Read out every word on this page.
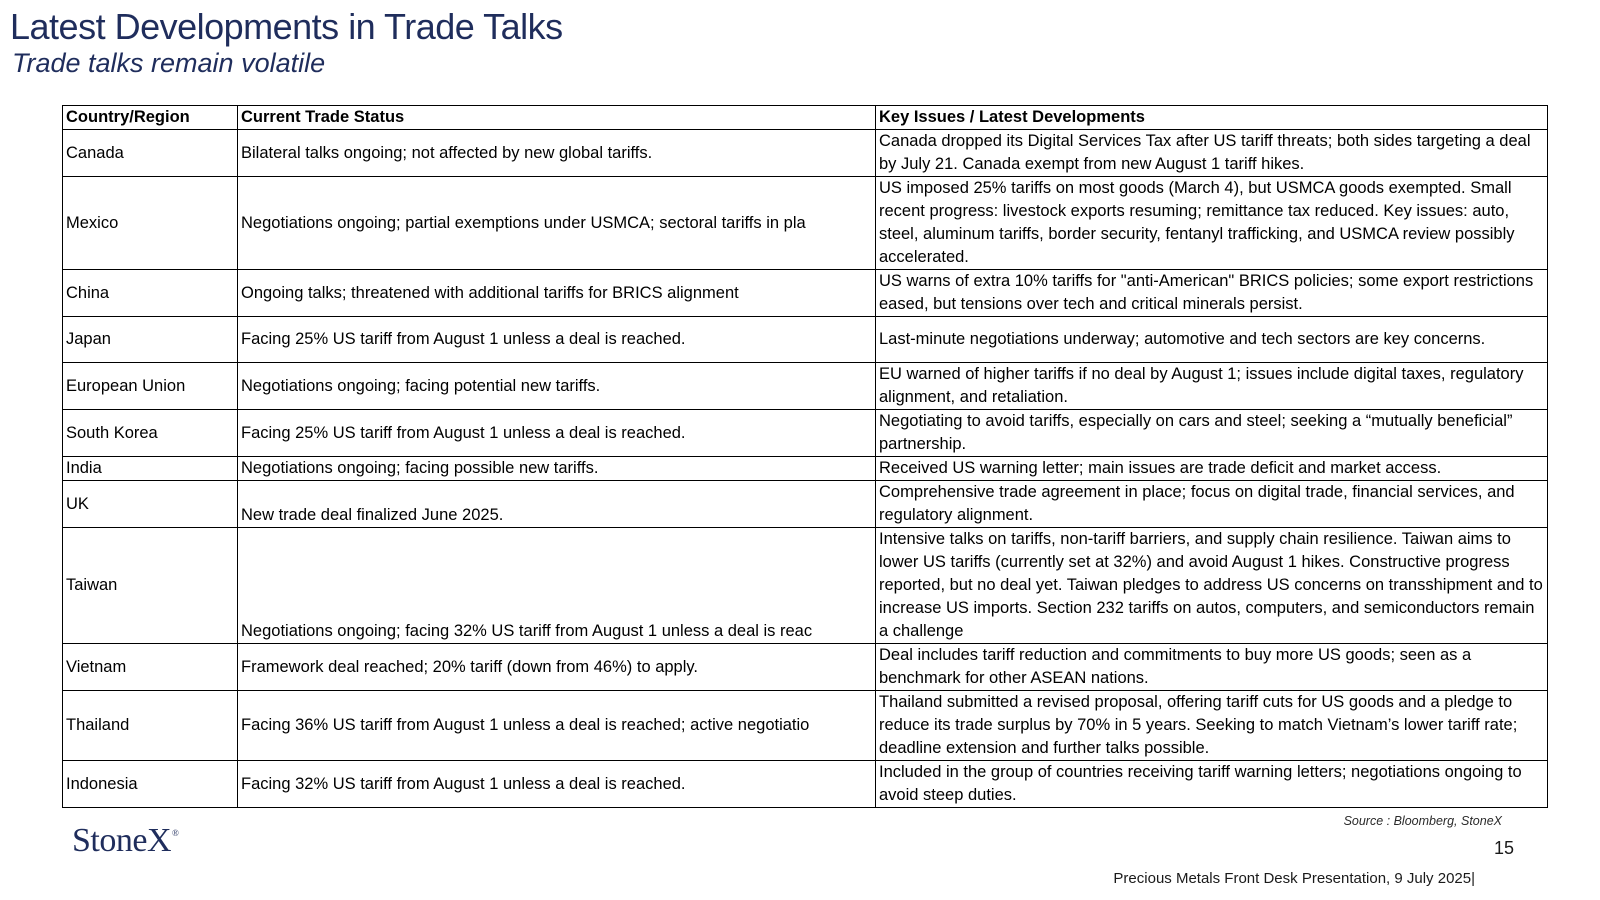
Latest Developments in Trade Talks
Trade talks remain volatile
Country/Region	Current Trade Status	Key Issues / Latest Developments
Canada	Bilateral talks ongoing; not affected by new global tariffs.	Canada dropped its Digital Services Tax after US tariff threats; both sides targeting a deal by July 21. Canada exempt from new August 1 tariff hikes.
Mexico	Negotiations ongoing; partial exemptions under USMCA; sectoral tariffs in pla	US imposed 25% tariffs on most goods (March 4), but USMCA goods exempted. Small recent progress: livestock exports resuming; remittance tax reduced. Key issues: auto, steel, aluminum tariffs, border security, fentanyl trafficking, and USMCA review possibly accelerated.
China	Ongoing talks; threatened with additional tariffs for BRICS alignment	US warns of extra 10% tariffs for "anti-American" BRICS policies; some export restrictions eased, but tensions over tech and critical minerals persist.
Japan	Facing 25% US tariff from August 1 unless a deal is reached.	Last-minute negotiations underway; automotive and tech sectors are key concerns.
European Union	Negotiations ongoing; facing potential new tariffs.	EU warned of higher tariffs if no deal by August 1; issues include digital taxes, regulatory alignment, and retaliation.
South Korea	Facing 25% US tariff from August 1 unless a deal is reached.	Negotiating to avoid tariffs, especially on cars and steel; seeking a “mutually beneficial” partnership.
India	Negotiations ongoing; facing possible new tariffs.	Received US warning letter; main issues are trade deficit and market access.
UK	New trade deal finalized June 2025.	Comprehensive trade agreement in place; focus on digital trade, financial services, and regulatory alignment.
Taiwan	Negotiations ongoing; facing 32% US tariff from August 1 unless a deal is reac	Intensive talks on tariffs, non-tariff barriers, and supply chain resilience. Taiwan aims to lower US tariffs (currently set at 32%) and avoid August 1 hikes. Constructive progress reported, but no deal yet. Taiwan pledges to address US concerns on transshipment and to increase US imports. Section 232 tariffs on autos, computers, and semiconductors remain a challenge
Vietnam	Framework deal reached; 20% tariff (down from 46%) to apply.	Deal includes tariff reduction and commitments to buy more US goods; seen as a benchmark for other ASEAN nations.
Thailand	Facing 36% US tariff from August 1 unless a deal is reached; active negotiatio	Thailand submitted a revised proposal, offering tariff cuts for US goods and a pledge to reduce its trade surplus by 70% in 5 years. Seeking to match Vietnam’s lower tariff rate; deadline extension and further talks possible.
Indonesia	Facing 32% US tariff from August 1 unless a deal is reached.	Included in the group of countries receiving tariff warning letters; negotiations ongoing to avoid steep duties.
Source : Bloomberg, StoneX
15
StoneX®
Precious Metals Front Desk Presentation, 9 July 2025|
